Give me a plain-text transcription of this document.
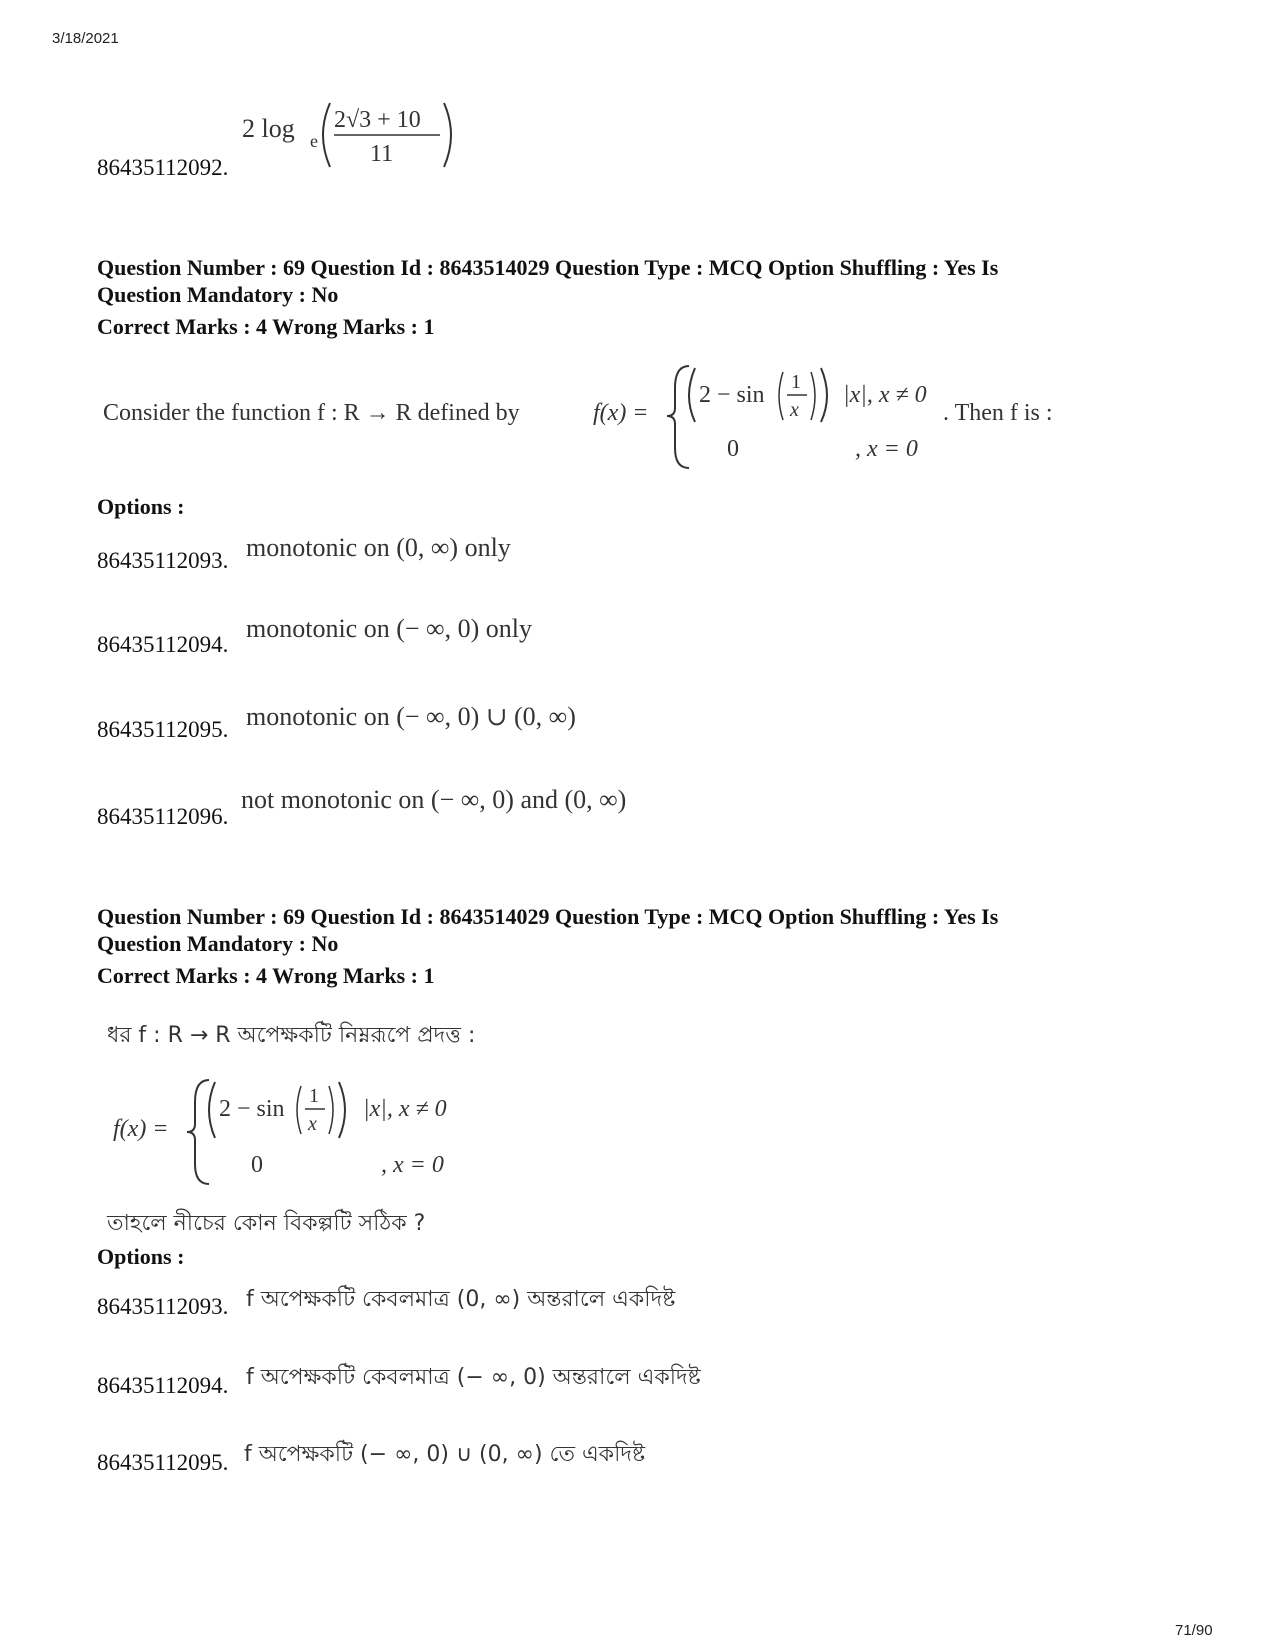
3/18/2021
2 log e
2√3 + 10
11
86435112092.
Question Number : 69 Question Id : 8643514029 Question Type : MCQ Option Shuffling : Yes Is
Question Mandatory : No
Correct Marks : 4 Wrong Marks : 1
Consider the function f : R → R defined by	f(x) =
2 − sin 1
x
|x|, x ≠ 0
0	, x = 0
. Then f is :
Options :
86435112093. monotonic on (0, ∞) only
86435112094.
monotonic on (− ∞, 0) only
86435112095. monotonic on (− ∞, 0) ∪ (0, ∞)
86435112096.
not monotonic on (− ∞, 0) and (0, ∞)
Question Number : 69 Question Id : 8643514029 Question Type : MCQ Option Shuffling : Yes Is
Question Mandatory : No
Correct Marks : 4 Wrong Marks : 1
ধর f : R → R অপেক্ষকটি নিম্নরূপে প্রদত্ত :
f(x) =
2 − sin 1
x
|x|, x ≠ 0
0	, x = 0
তাহলে নীচের কোন বিকল্পটি সঠিক ?
Options :
86435112093. f অপেক্ষকটি কেবলমাত্র (0, ∞) অন্তরালে একদিষ্ট
86435112094. f অপেক্ষকটি কেবলমাত্র (− ∞, 0) অন্তরালে একদিষ্ট
86435112095. f অপেক্ষকটি (− ∞, 0) ∪ (0, ∞) তে একদিষ্ট
71/90
